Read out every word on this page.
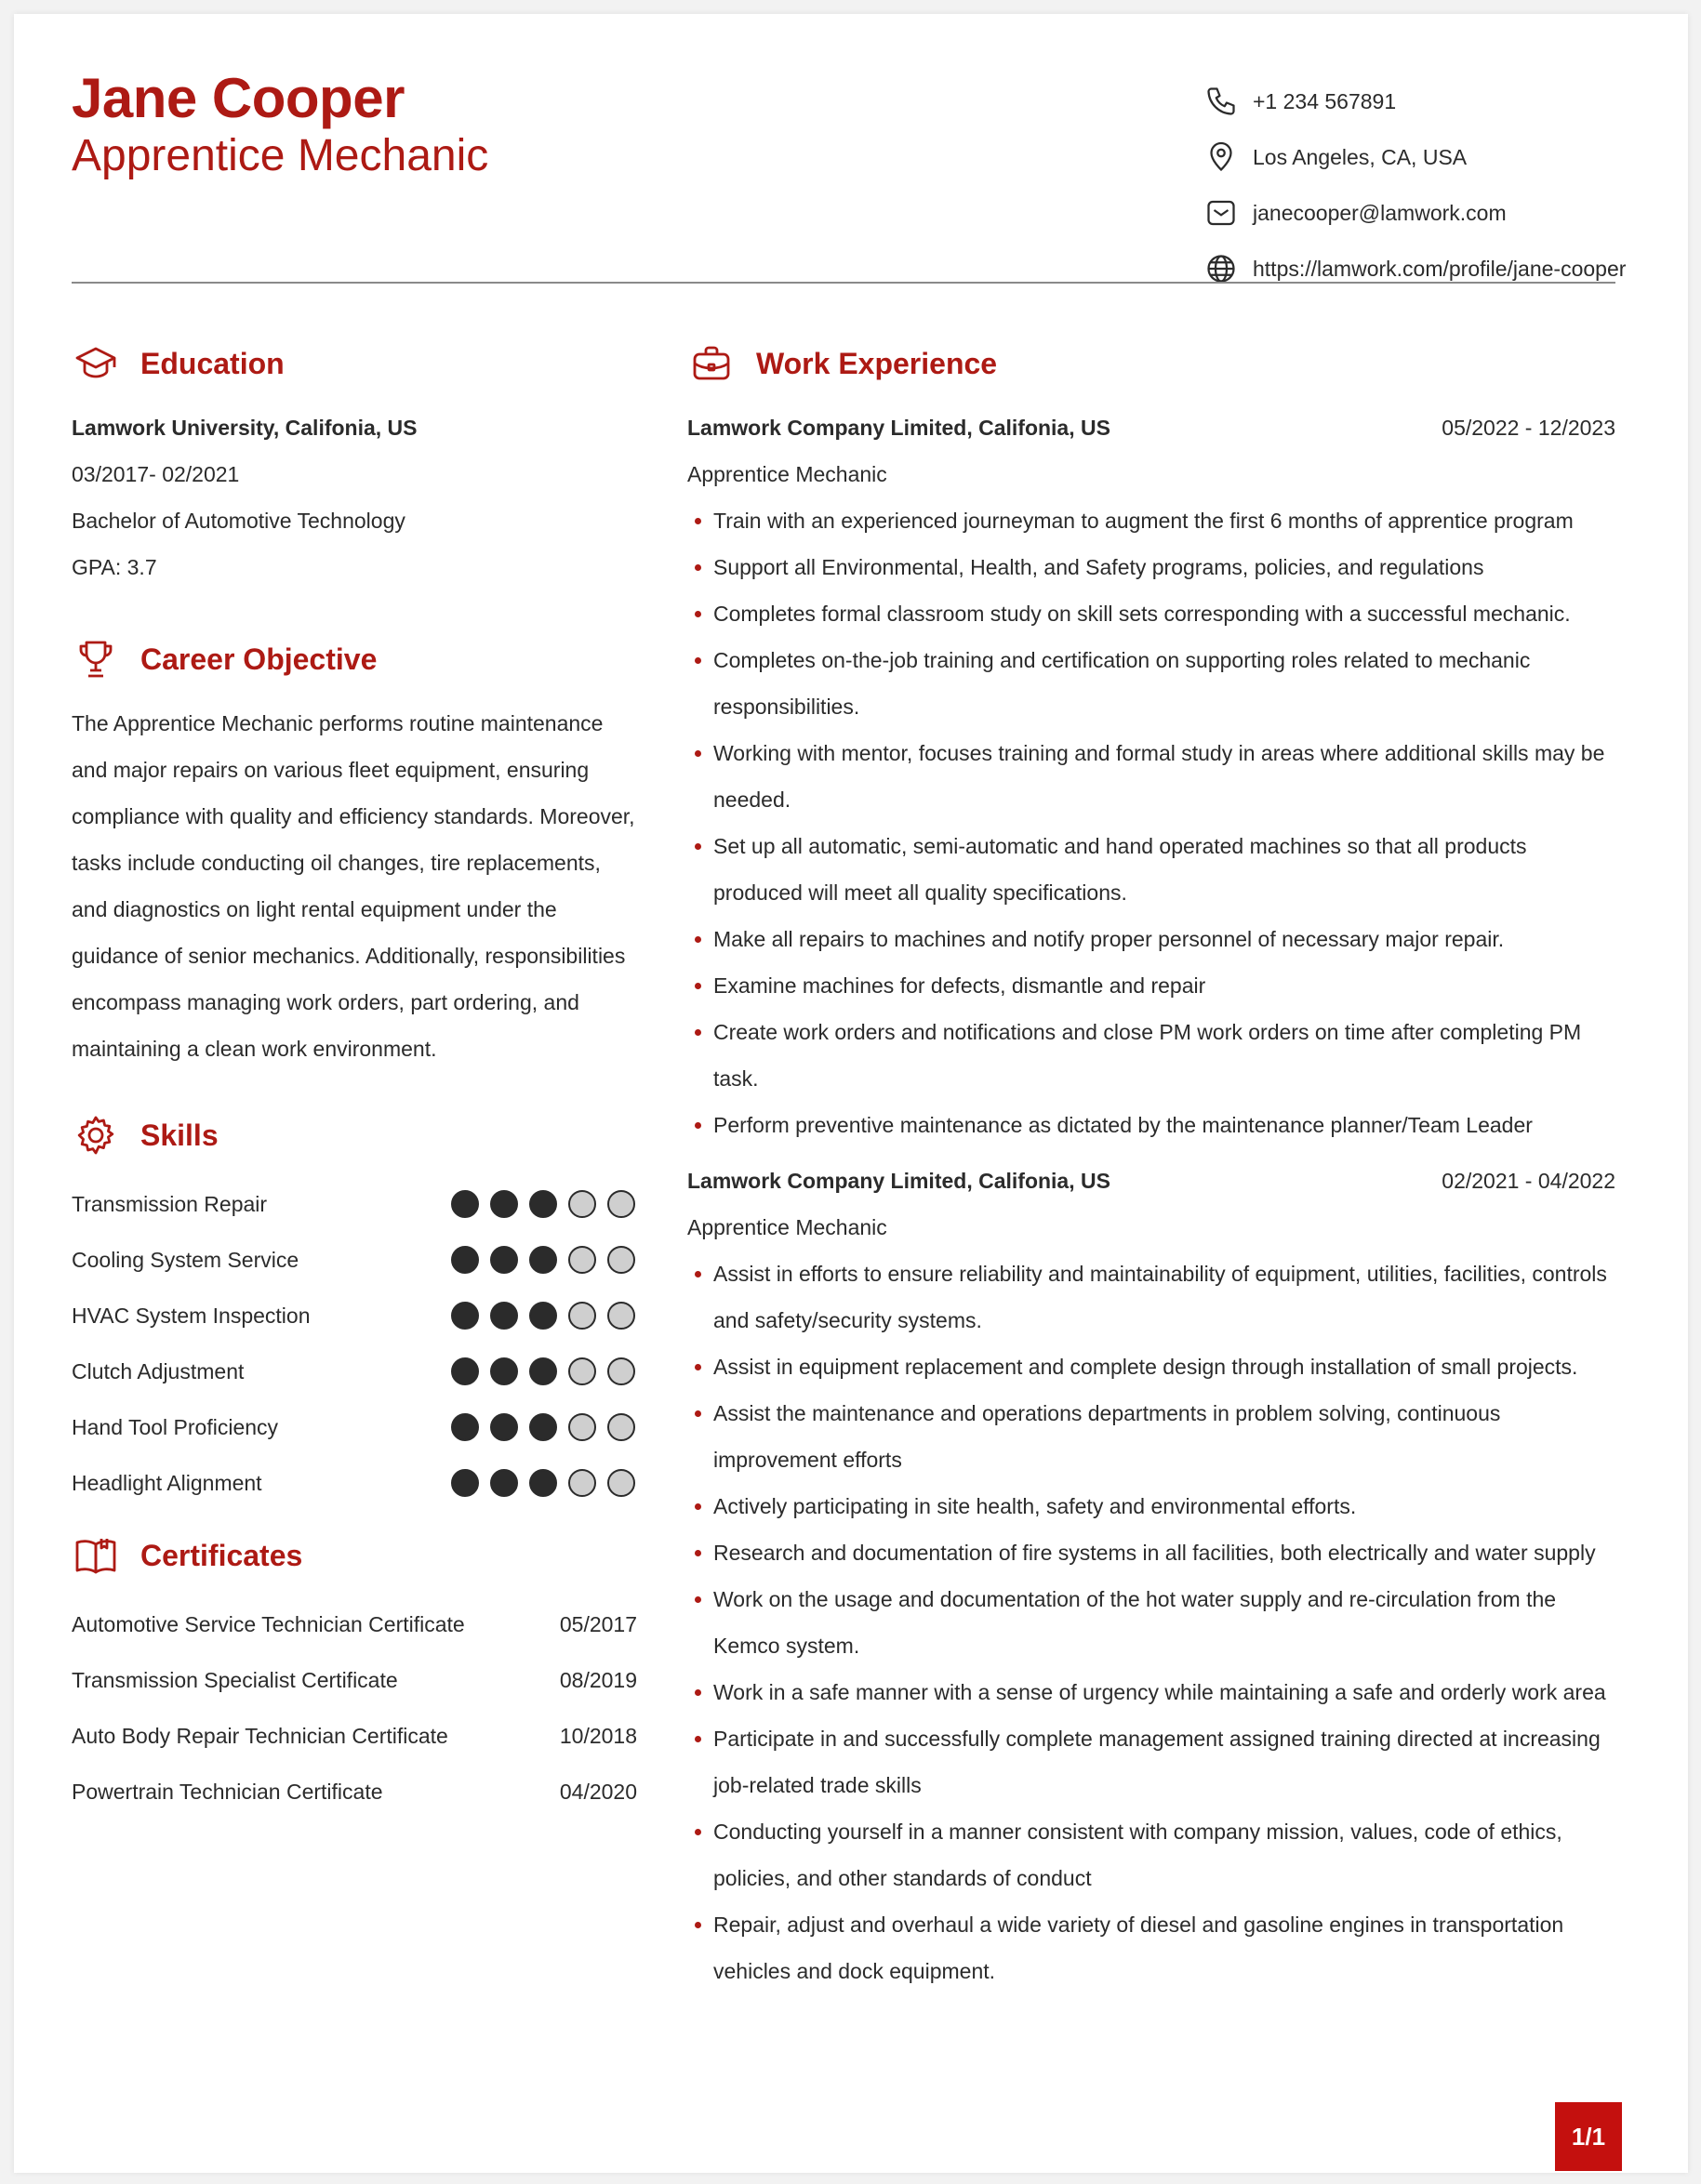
Jane Cooper
Apprentice Mechanic
+1 234 567891
Los Angeles, CA, USA
janecooper@lamwork.com
https://lamwork.com/profile/jane-cooper
Education
Lamwork University, Califonia, US
03/2017- 02/2021
Bachelor of Automotive Technology
GPA: 3.7
Career Objective
The Apprentice Mechanic performs routine maintenance and major repairs on various fleet equipment, ensuring compliance with quality and efficiency standards. Moreover, tasks include conducting oil changes, tire replacements, and diagnostics on light rental equipment under the guidance of senior mechanics. Additionally, responsibilities encompass managing work orders, part ordering, and maintaining a clean work environment.
Skills
Transmission Repair
Cooling System Service
HVAC System Inspection
Clutch Adjustment
Hand Tool Proficiency
Headlight Alignment
Certificates
Automotive Service Technician Certificate	05/2017
Transmission Specialist Certificate	08/2019
Auto Body Repair Technician Certificate	10/2018
Powertrain Technician Certificate	04/2020
Work Experience
Lamwork Company Limited, Califonia, US	05/2022 - 12/2023
Apprentice Mechanic
Train with an experienced journeyman to augment the first 6 months of apprentice program
Support all Environmental, Health, and Safety programs, policies, and regulations
Completes formal classroom study on skill sets corresponding with a successful mechanic.
Completes on-the-job training and certification on supporting roles related to mechanic responsibilities.
Working with mentor, focuses training and formal study in areas where additional skills may be needed.
Set up all automatic, semi-automatic and hand operated machines so that all products produced will meet all quality specifications.
Make all repairs to machines and notify proper personnel of necessary major repair.
Examine machines for defects, dismantle and repair
Create work orders and notifications and close PM work orders on time after completing PM task.
Perform preventive maintenance as dictated by the maintenance planner/Team Leader
Lamwork Company Limited, Califonia, US	02/2021 - 04/2022
Apprentice Mechanic
Assist in efforts to ensure reliability and maintainability of equipment, utilities, facilities, controls and safety/security systems.
Assist in equipment replacement and complete design through installation of small projects.
Assist the maintenance and operations departments in problem solving, continuous improvement efforts
Actively participating in site health, safety and environmental efforts.
Research and documentation of fire systems in all facilities, both electrically and water supply
Work on the usage and documentation of the hot water supply and re-circulation from the Kemco system.
Work in a safe manner with a sense of urgency while maintaining a safe and orderly work area
Participate in and successfully complete management assigned training directed at increasing job-related trade skills
Conducting yourself in a manner consistent with company mission, values, code of ethics, policies, and other standards of conduct
Repair, adjust and overhaul a wide variety of diesel and gasoline engines in transportation vehicles and dock equipment.
1/1
